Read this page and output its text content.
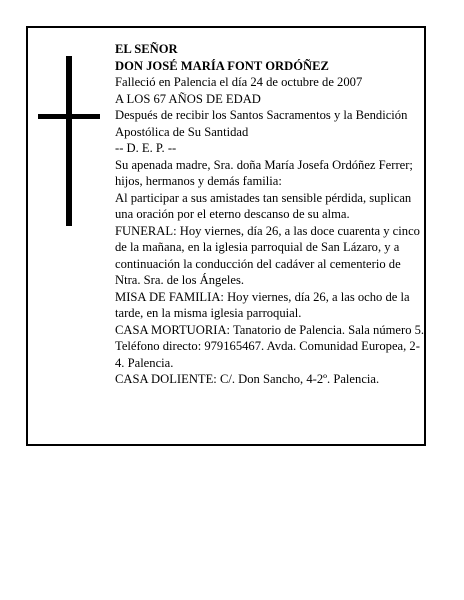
EL SEÑOR

DON JOSÉ MARÍA FONT ORDÓÑEZ

Falleció en Palencia el día 24 de octubre de 2007

A LOS 67 AÑOS DE EDAD

Después de recibir los Santos Sacramentos y la Bendición Apostólica de Su Santidad

-- D. E. P. --

Su apenada madre, Sra. doña María Josefa Ordóñez Ferrer; hijos, hermanos y demás familia:

Al participar a sus amistades tan sensible pérdida, suplican una oración por el eterno descanso de su alma.

FUNERAL: Hoy viernes, día 26, a las doce cuarenta y cinco de la mañana, en la iglesia parroquial de San Lázaro, y a continuación la conducción del cadáver al cementerio de Ntra. Sra. de los Ángeles.

MISA DE FAMILIA: Hoy viernes, día 26, a las ocho de la tarde, en la misma iglesia parroquial.

CASA MORTUORIA: Tanatorio de Palencia. Sala número 5. Teléfono directo: 979165467. Avda. Comunidad Europea, 2-4. Palencia.

CASA DOLIENTE: C/. Don Sancho, 4-2º. Palencia.
